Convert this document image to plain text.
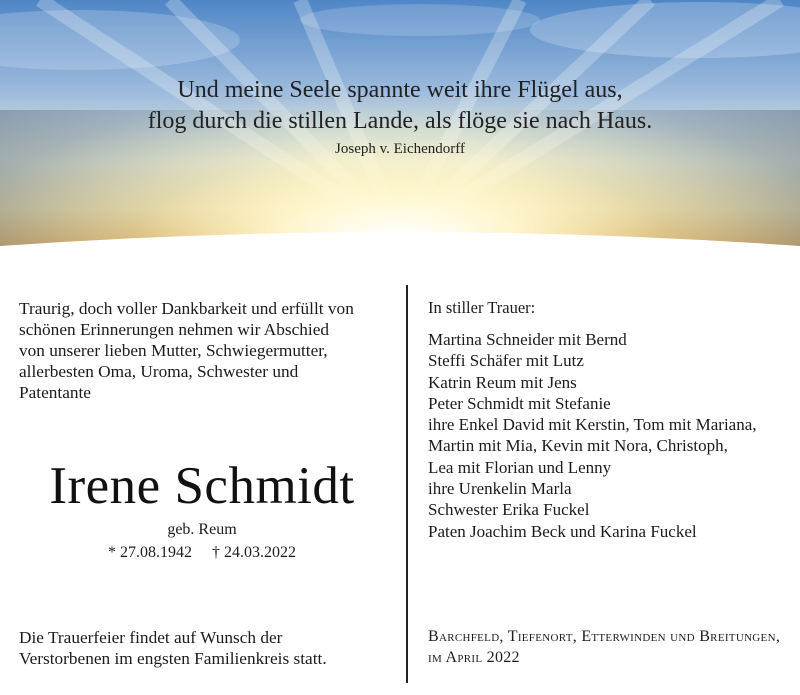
Und meine Seele spannte weit ihre Flügel aus,
flog durch die stillen Lande, als flöge sie nach Haus.
Joseph v. Eichendorff
Traurig, doch voller Dankbarkeit und erfüllt von
schönen Erinnerungen nehmen wir Abschied
von unserer lieben Mutter, Schwiegermutter,
allerbesten Oma, Uroma, Schwester und
Patentante
Irene Schmidt
geb. Reum
* 27.08.1942 † 24.03.2022
Die Trauerfeier findet auf Wunsch der
Verstorbenen im engsten Familienkreis statt.
In stiller Trauer:
Martina Schneider mit Bernd
Steffi Schäfer mit Lutz
Katrin Reum mit Jens
Peter Schmidt mit Stefanie
ihre Enkel David mit Kerstin, Tom mit Mariana,
Martin mit Mia, Kevin mit Nora, Christoph,
Lea mit Florian und Lenny
ihre Urenkelin Marla
Schwester Erika Fuckel
Paten Joachim Beck und Karina Fuckel
Barchfeld, Tiefenort, Etterwinden und Breitungen,
im April 2022
